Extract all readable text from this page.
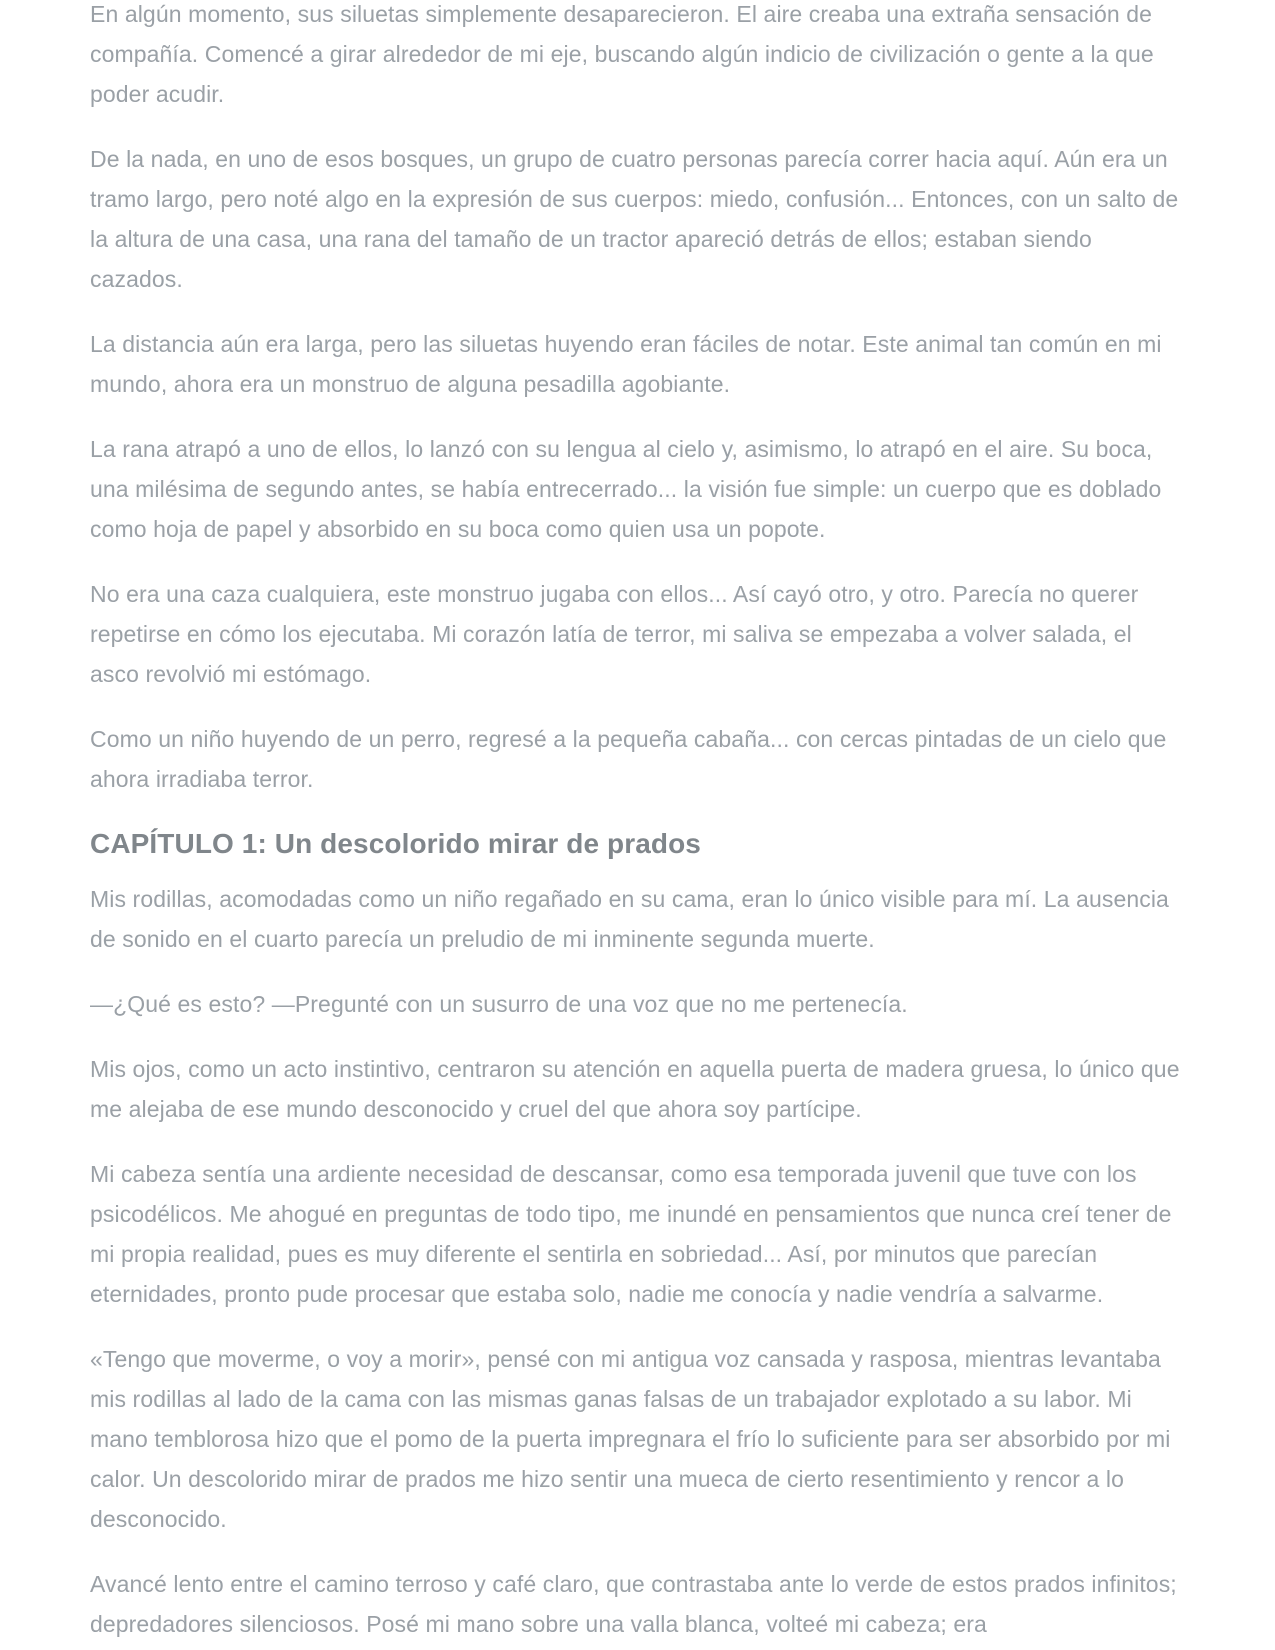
En algún momento, sus siluetas simplemente desaparecieron. El aire creaba una extraña sensación de compañía. Comencé a girar alrededor de mi eje, buscando algún indicio de civilización o gente a la que poder acudir.

De la nada, en uno de esos bosques, un grupo de cuatro personas parecía correr hacia aquí. Aún era un tramo largo, pero noté algo en la expresión de sus cuerpos: miedo, confusión... Entonces, con un salto de la altura de una casa, una rana del tamaño de un tractor apareció detrás de ellos; estaban siendo cazados.

La distancia aún era larga, pero las siluetas huyendo eran fáciles de notar. Este animal tan común en mi mundo, ahora era un monstruo de alguna pesadilla agobiante.

La rana atrapó a uno de ellos, lo lanzó con su lengua al cielo y, asimismo, lo atrapó en el aire. Su boca, una milésima de segundo antes, se había entrecerrado... la visión fue simple: un cuerpo que es doblado como hoja de papel y absorbido en su boca como quien usa un popote.

No era una caza cualquiera, este monstruo jugaba con ellos... Así cayó otro, y otro. Parecía no querer repetirse en cómo los ejecutaba. Mi corazón latía de terror, mi saliva se empezaba a volver salada, el asco revolvió mi estómago.

Como un niño huyendo de un perro, regresé a la pequeña cabaña... con cercas pintadas de un cielo que ahora irradiaba terror.

CAPÍTULO 1: Un descolorido mirar de prados

Mis rodillas, acomodadas como un niño regañado en su cama, eran lo único visible para mí. La ausencia de sonido en el cuarto parecía un preludio de mi inminente segunda muerte.

—¿Qué es esto? —Pregunté con un susurro de una voz que no me pertenecía.

Mis ojos, como un acto instintivo, centraron su atención en aquella puerta de madera gruesa, lo único que me alejaba de ese mundo desconocido y cruel del que ahora soy partícipe.

Mi cabeza sentía una ardiente necesidad de descansar, como esa temporada juvenil que tuve con los psicodélicos. Me ahogué en preguntas de todo tipo, me inundé en pensamientos que nunca creí tener de mi propia realidad, pues es muy diferente el sentirla en sobriedad... Así, por minutos que parecían eternidades, pronto pude procesar que estaba solo, nadie me conocía y nadie vendría a salvarme.

«Tengo que moverme, o voy a morir», pensé con mi antigua voz cansada y rasposa, mientras levantaba mis rodillas al lado de la cama con las mismas ganas falsas de un trabajador explotado a su labor. Mi mano temblorosa hizo que el pomo de la puerta impregnara el frío lo suficiente para ser absorbido por mi calor. Un descolorido mirar de prados me hizo sentir una mueca de cierto resentimiento y rencor a lo desconocido.

Avancé lento entre el camino terroso y café claro, que contrastaba ante lo verde de estos prados infinitos; depredadores silenciosos. Posé mi mano sobre una valla blanca, volteé mi cabeza; era
